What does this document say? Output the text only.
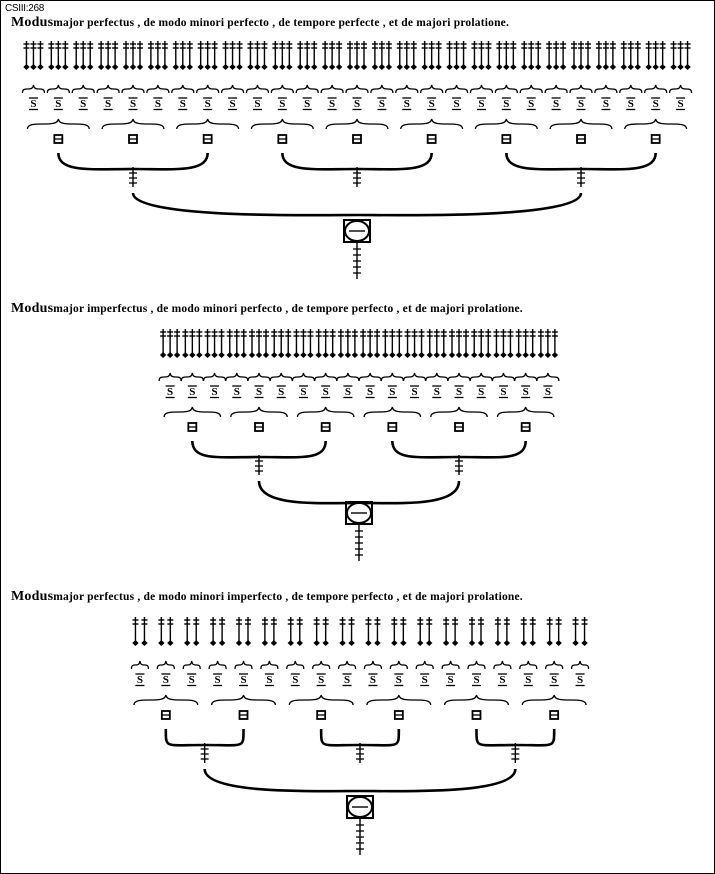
CSIII:268
Modusmajor perfectus , de modo minori perfecto , de tempore perfecte , et de majori prolatione.
S S S S S S S S S S S S S S S S S S S S S S S S S S S
Modusmajor imperfectus , de modo minori perfecto , de tempore perfecto , et de majori prolatione.
S S S S S S S S S S S S S S S S S S
Modusmajor perfectus , de modo minori imperfecto , de tempore perfecto , et de majori prolatione.
S S S S S S S S S S S S S S S S S S
